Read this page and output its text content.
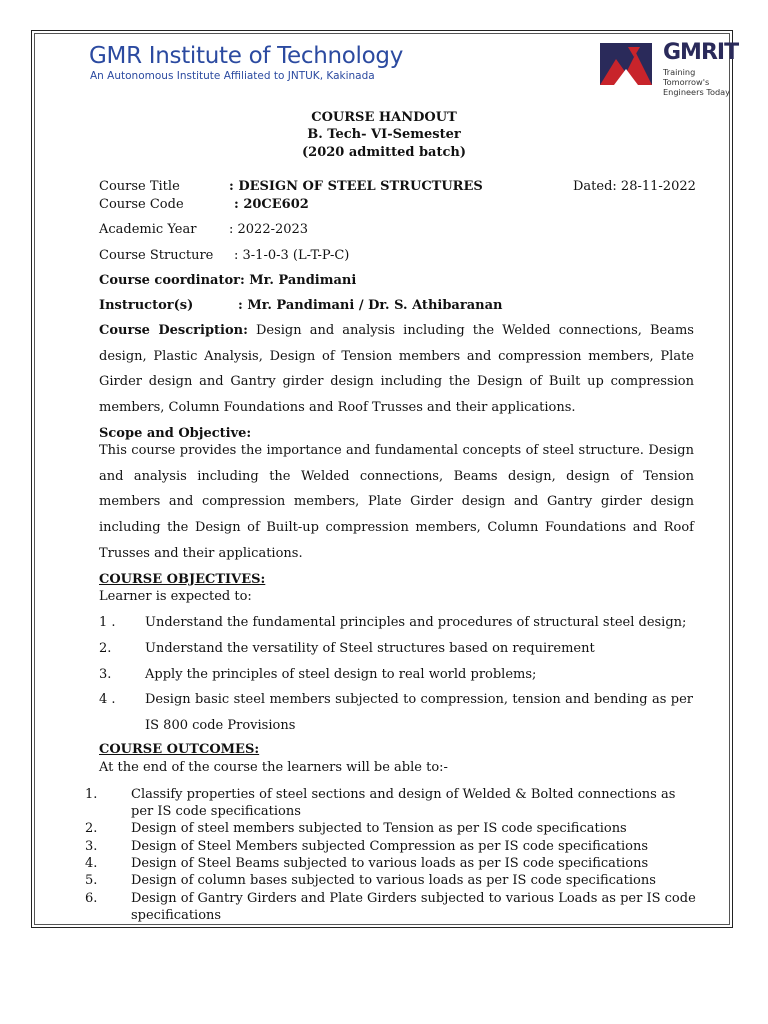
GMR Institute of Technology
An Autonomous Institute Affiliated to JNTUK, Kakinada
GMRIT
Training Tomorrow's Engineers Today
COURSE HANDOUT
B. Tech- VI-Semester
(2020 admitted batch)
Course Title	: DESIGN OF STEEL STRUCTURES	Dated: 28-11-2022
Course Code	: 20CE602
Academic Year	: 2022-2023
Course Structure : 3-1-0-3 (L-T-P-C)
Course coordinator: Mr. Pandimani
Instructor(s)	: Mr. Pandimani / Dr. S. Athibaranan
Course Description: Design and analysis including the Welded connections, Beams design, Plastic Analysis, Design of Tension members and compression members, Plate Girder design and Gantry girder design including the Design of Built up compression members, Column Foundations and Roof Trusses and their applications.
Scope and Objective:
This course provides the importance and fundamental concepts of steel structure. Design and analysis including the Welded connections, Beams design, design of Tension members and compression members, Plate Girder design and Gantry girder design including the Design of Built-up compression members, Column Foundations and Roof Trusses and their applications.
COURSE OBJECTIVES:
Learner is expected to:
1 .	Understand the fundamental principles and procedures of structural steel design;
2.	Understand the versatility of Steel structures based on requirement
3.	Apply the principles of steel design to real world problems;
4 .	Design basic steel members subjected to compression, tension and bending as per IS 800 code Provisions
COURSE OUTCOMES:
At the end of the course the learners will be able to:-
1.	Classify properties of steel sections and design of Welded & Bolted connections as per IS code specifications
2.	Design of steel members subjected to Tension as per IS code specifications
3.	Design of Steel Members subjected Compression as per IS code specifications
4.	Design of Steel Beams subjected to various loads as per IS code specifications
5.	Design of column bases subjected to various loads as per IS code specifications
6.	Design of Gantry Girders and Plate Girders subjected to various Loads as per IS code specifications
